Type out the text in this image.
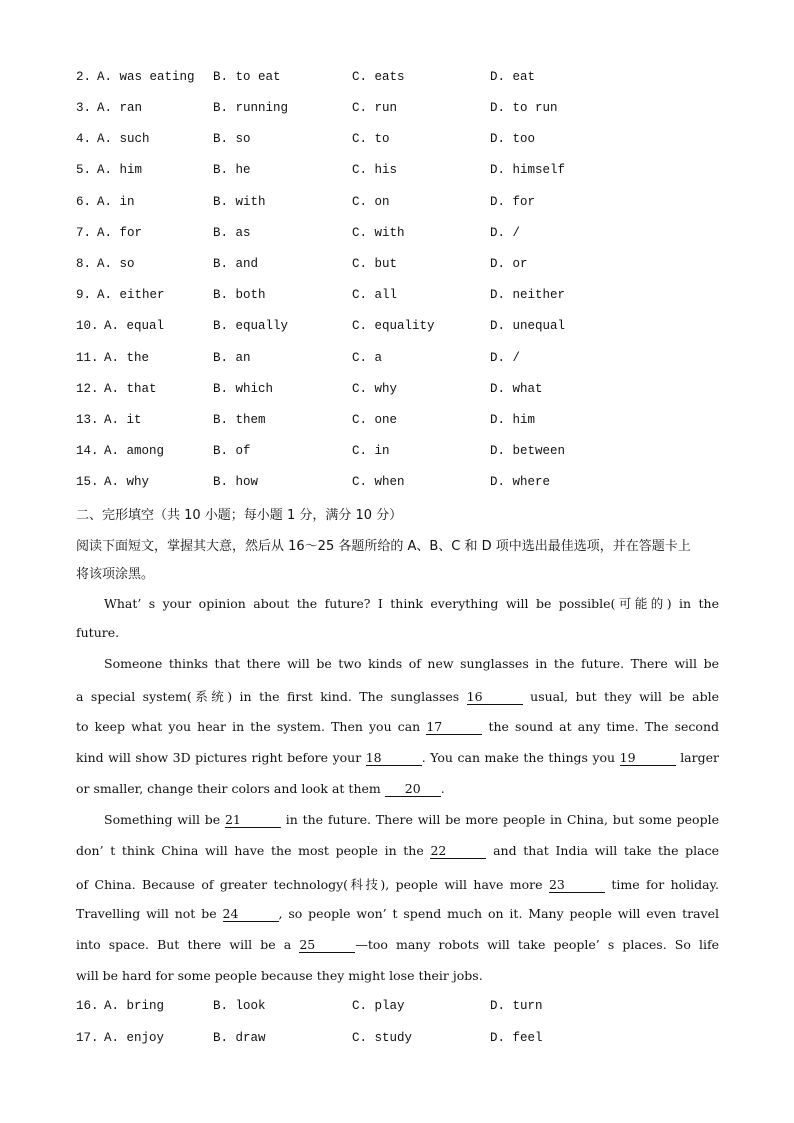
2. A. was eating B. to eat	C. eats	D. eat
3. A. ran	B. running	C. run	D. to run
4. A. such	B. so	C. to	D. too
5. A. him	B. he	C. his	D. himself
6. A. in	B. with	C. on	D. for
7. A. for	B. as	C. with	D. /
8. A. so	B. and	C. but	D. or
9. A. either	B. both	C. all	D. neither
10. A. equal	B. equally	C. equality	D. unequal
11. A. the	B. an	C. a	D. /
12. A. that	B. which	C. why	D. what
13. A. it	B. them	C. one	D. him
14. A. among	B. of	C. in	D. between
15. A. why	B. how	C. when	D. where
二、完形填空（共 10 小题；每小题 1 分，满分 10 分）
阅读下面短文，掌握其大意，然后从 16～25 各题所给的 A、B、C 和 D 项中选出最佳选项，并在答题卡上
将该项涂黑。
What’ s your opinion about the future? I think everything will be possible(可能的) in the
future.
Someone thinks that there will be two kinds of new sunglasses in the future. There will be
a special system(系统) in the first kind. The sunglasses 16	usual, but they will be able
to keep what you hear in the system. Then you can 17	the sound at any time. The second
kind will show 3D pictures right before your 18	. You can make the things you 19	larger
or smaller, change their colors and look at them 20 .
Something will be 21	in the future. There will be more people in China, but some people
don’ t think China will have the most people in the 22	and that India will take the place
of China. Because of greater technology(科技), people will have more 23	time for holiday.
Travelling will not be 24	, so people won’ t spend much on it. Many people will even travel
into space. But there will be a 25	—too many robots will take people’ s places. So life
will be hard for some people because they might lose their jobs.
16. A. bring	B. look	C. play	D. turn
17. A. enjoy	B. draw	C. study	D. feel
